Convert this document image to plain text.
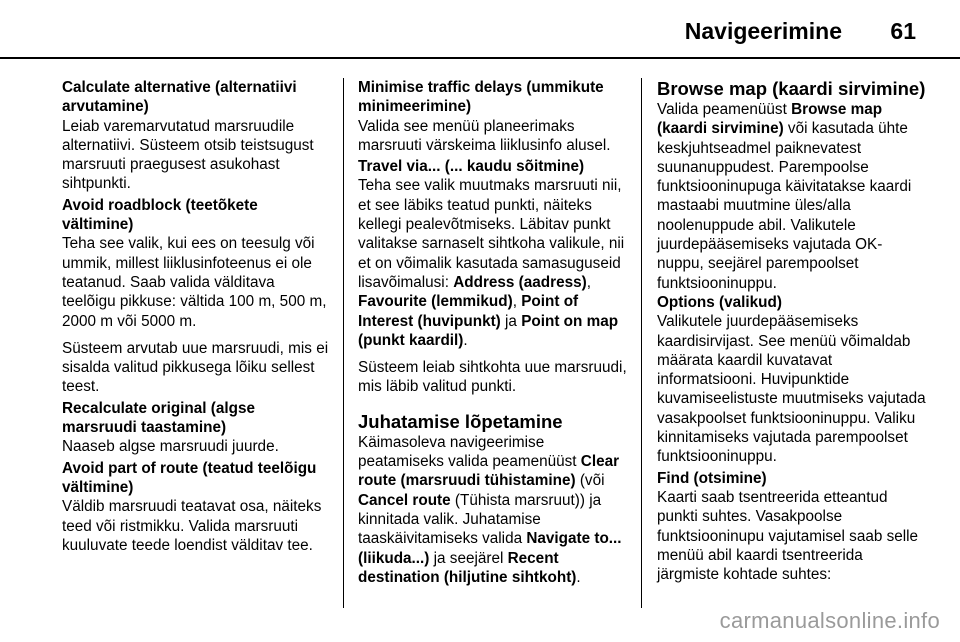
Navigeerimine 61
Calculate alternative (alternatiivi arvutamine)
Leiab varemarvutatud marsruudile alternatiivi. Süsteem otsib teistsugust marsruuti praegusest asukohast sihtpunkti.
Avoid roadblock (teetõkete vältimine)
Teha see valik, kui ees on teesulg või ummik, millest liiklusinfoteenus ei ole teatanud. Saab valida välditava teelõigu pikkuse: vältida 100 m, 500 m, 2000 m või 5000 m.
Süsteem arvutab uue marsruudi, mis ei sisalda valitud pikkusega lõiku sellest teest.
Recalculate original (algse marsruudi taastamine)
Naaseb algse marsruudi juurde.
Avoid part of route (teatud teelõigu vältimine)
Väldib marsruudi teatavat osa, näiteks teed või ristmikku. Valida marsruuti kuuluvate teede loendist välditav tee.
Minimise traffic delays (ummikute minimeerimine)
Valida see menüü planeerimaks marsruuti värskeima liiklusinfo alusel.
Travel via... (... kaudu sõitmine)
Teha see valik muutmaks marsruuti nii, et see läbiks teatud punkti, näiteks kellegi pealevõtmiseks. Läbitav punkt valitakse sarnaselt sihtkoha valikule, nii et on võimalik kasutada samasuguseid lisavõimalusi: Address (aadress), Favourite (lemmikud), Point of Interest (huvipunkt) ja Point on map (punkt kaardil).
Süsteem leiab sihtkohta uue marsruudi, mis läbib valitud punkti.
Juhatamise lõpetamine
Käimasoleva navigeerimise peatamiseks valida peamenüüst Clear route (marsruudi tühistamine) (või Cancel route (Tühista marsruut)) ja kinnitada valik. Juhatamise taaskäivitamiseks valida Navigate to... (liikuda...) ja seejärel Recent destination (hiljutine sihtkoht).
Browse map (kaardi sirvimine)
Valida peamenüüst Browse map (kaardi sirvimine) või kasutada ühte keskjuhtseadmel paiknevatest suunanuppudest. Parempoolse funktsiooninupuga käivitatakse kaardi mastaabi muutmine üles/alla noolenuppude abil. Valikutele juurdepääsemiseks vajutada OK-nuppu, seejärel parempoolset funktsiooninuppu.
Options (valikud)
Valikutele juurdepääsemiseks kaardisirvijast. See menüü võimaldab määrata kaardil kuvatavat informatsiooni. Huvipunktide kuvamiseelistuste muutmiseks vajutada vasakpoolset funktsiooninuppu. Valiku kinnitamiseks vajutada parempoolset funktsiooninuppu.
Find (otsimine)
Kaarti saab tsentreerida etteantud punkti suhtes. Vasakpoolse funktsiooninupu vajutamisel saab selle menüü abil kaardi tsentreerida järgmiste kohtade suhtes:
carmanualsonline.info
